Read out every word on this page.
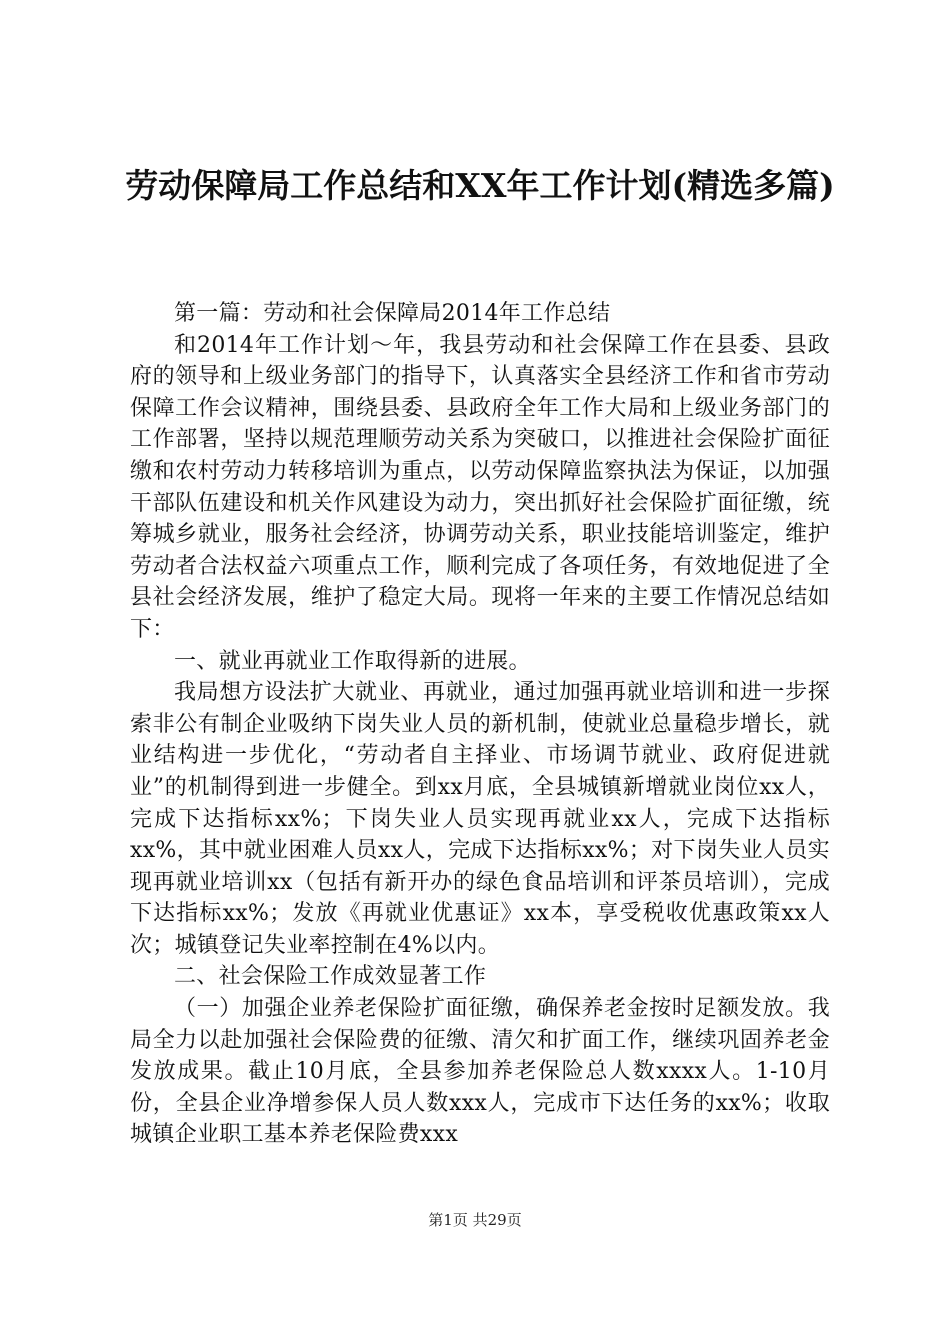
劳动保障局工作总结和XX年工作计划(精选多篇)

第一篇：劳动和社会保障局2014年工作总结

和2014年工作计划～年，我县劳动和社会保障工作在县委、县政府的领导和上级业务部门的指导下，认真落实全县经济工作和省市劳动保障工作会议精神，围绕县委、县政府全年工作大局和上级业务部门的工作部署，坚持以规范理顺劳动关系为突破口，以推进社会保险扩面征缴和农村劳动力转移培训为重点，以劳动保障监察执法为保证，以加强干部队伍建设和机关作风建设为动力，突出抓好社会保险扩面征缴，统筹城乡就业，服务社会经济，协调劳动关系，职业技能培训鉴定，维护劳动者合法权益六项重点工作，顺利完成了各项任务，有效地促进了全县社会经济发展，维护了稳定大局。现将一年来的主要工作情况总结如下：

一、就业再就业工作取得新的进展。

我局想方设法扩大就业、再就业，通过加强再就业培训和进一步探索非公有制企业吸纳下岗失业人员的新机制，使就业总量稳步增长，就业结构进一步优化，“劳动者自主择业、市场调节就业、政府促进就业”的机制得到进一步健全。到xx月底，全县城镇新增就业岗位xx人，完成下达指标xx%；下岗失业人员实现再就业xx人，完成下达指标xx%，其中就业困难人员xx人，完成下达指标xx%；对下岗失业人员实现再就业培训xx（包括有新开办的绿色食品培训和评茶员培训），完成下达指标xx%；发放《再就业优惠证》xx本，享受税收优惠政策xx人次；城镇登记失业率控制在4%以内。

二、社会保险工作成效显著工作

（一）加强企业养老保险扩面征缴，确保养老金按时足额发放。我局全力以赴加强社会保险费的征缴、清欠和扩面工作，继续巩固养老金发放成果。截止10月底，全县参加养老保险总人数xxxx人。1-10月份，全县企业净增参保人员人数xxx人，完成市下达任务的xx%；收取城镇企业职工基本养老保险费xxx

第1页 共29页
